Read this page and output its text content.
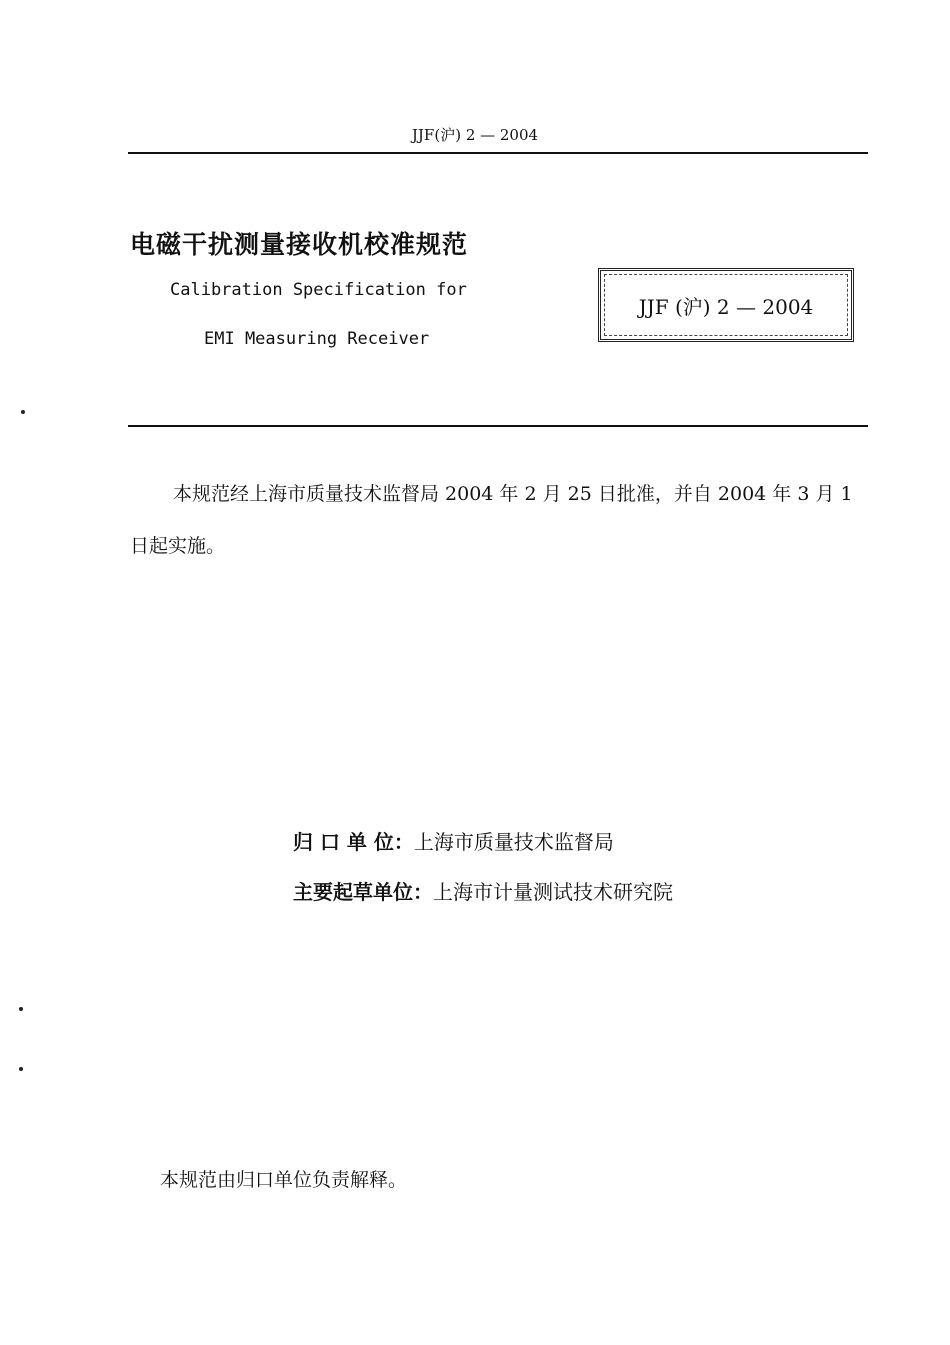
JJF(沪) 2 — 2004
电磁干扰测量接收机校准规范
Calibration Specification for
EMI Measuring Receiver
JJF (沪) 2 — 2004
本规范经上海市质量技术监督局 2004 年 2 月 25 日批准，并自 2004 年 3 月 1 日起实施。
归 口 单 位：上海市质量技术监督局
主要起草单位：上海市计量测试技术研究院
本规范由归口单位负责解释。
